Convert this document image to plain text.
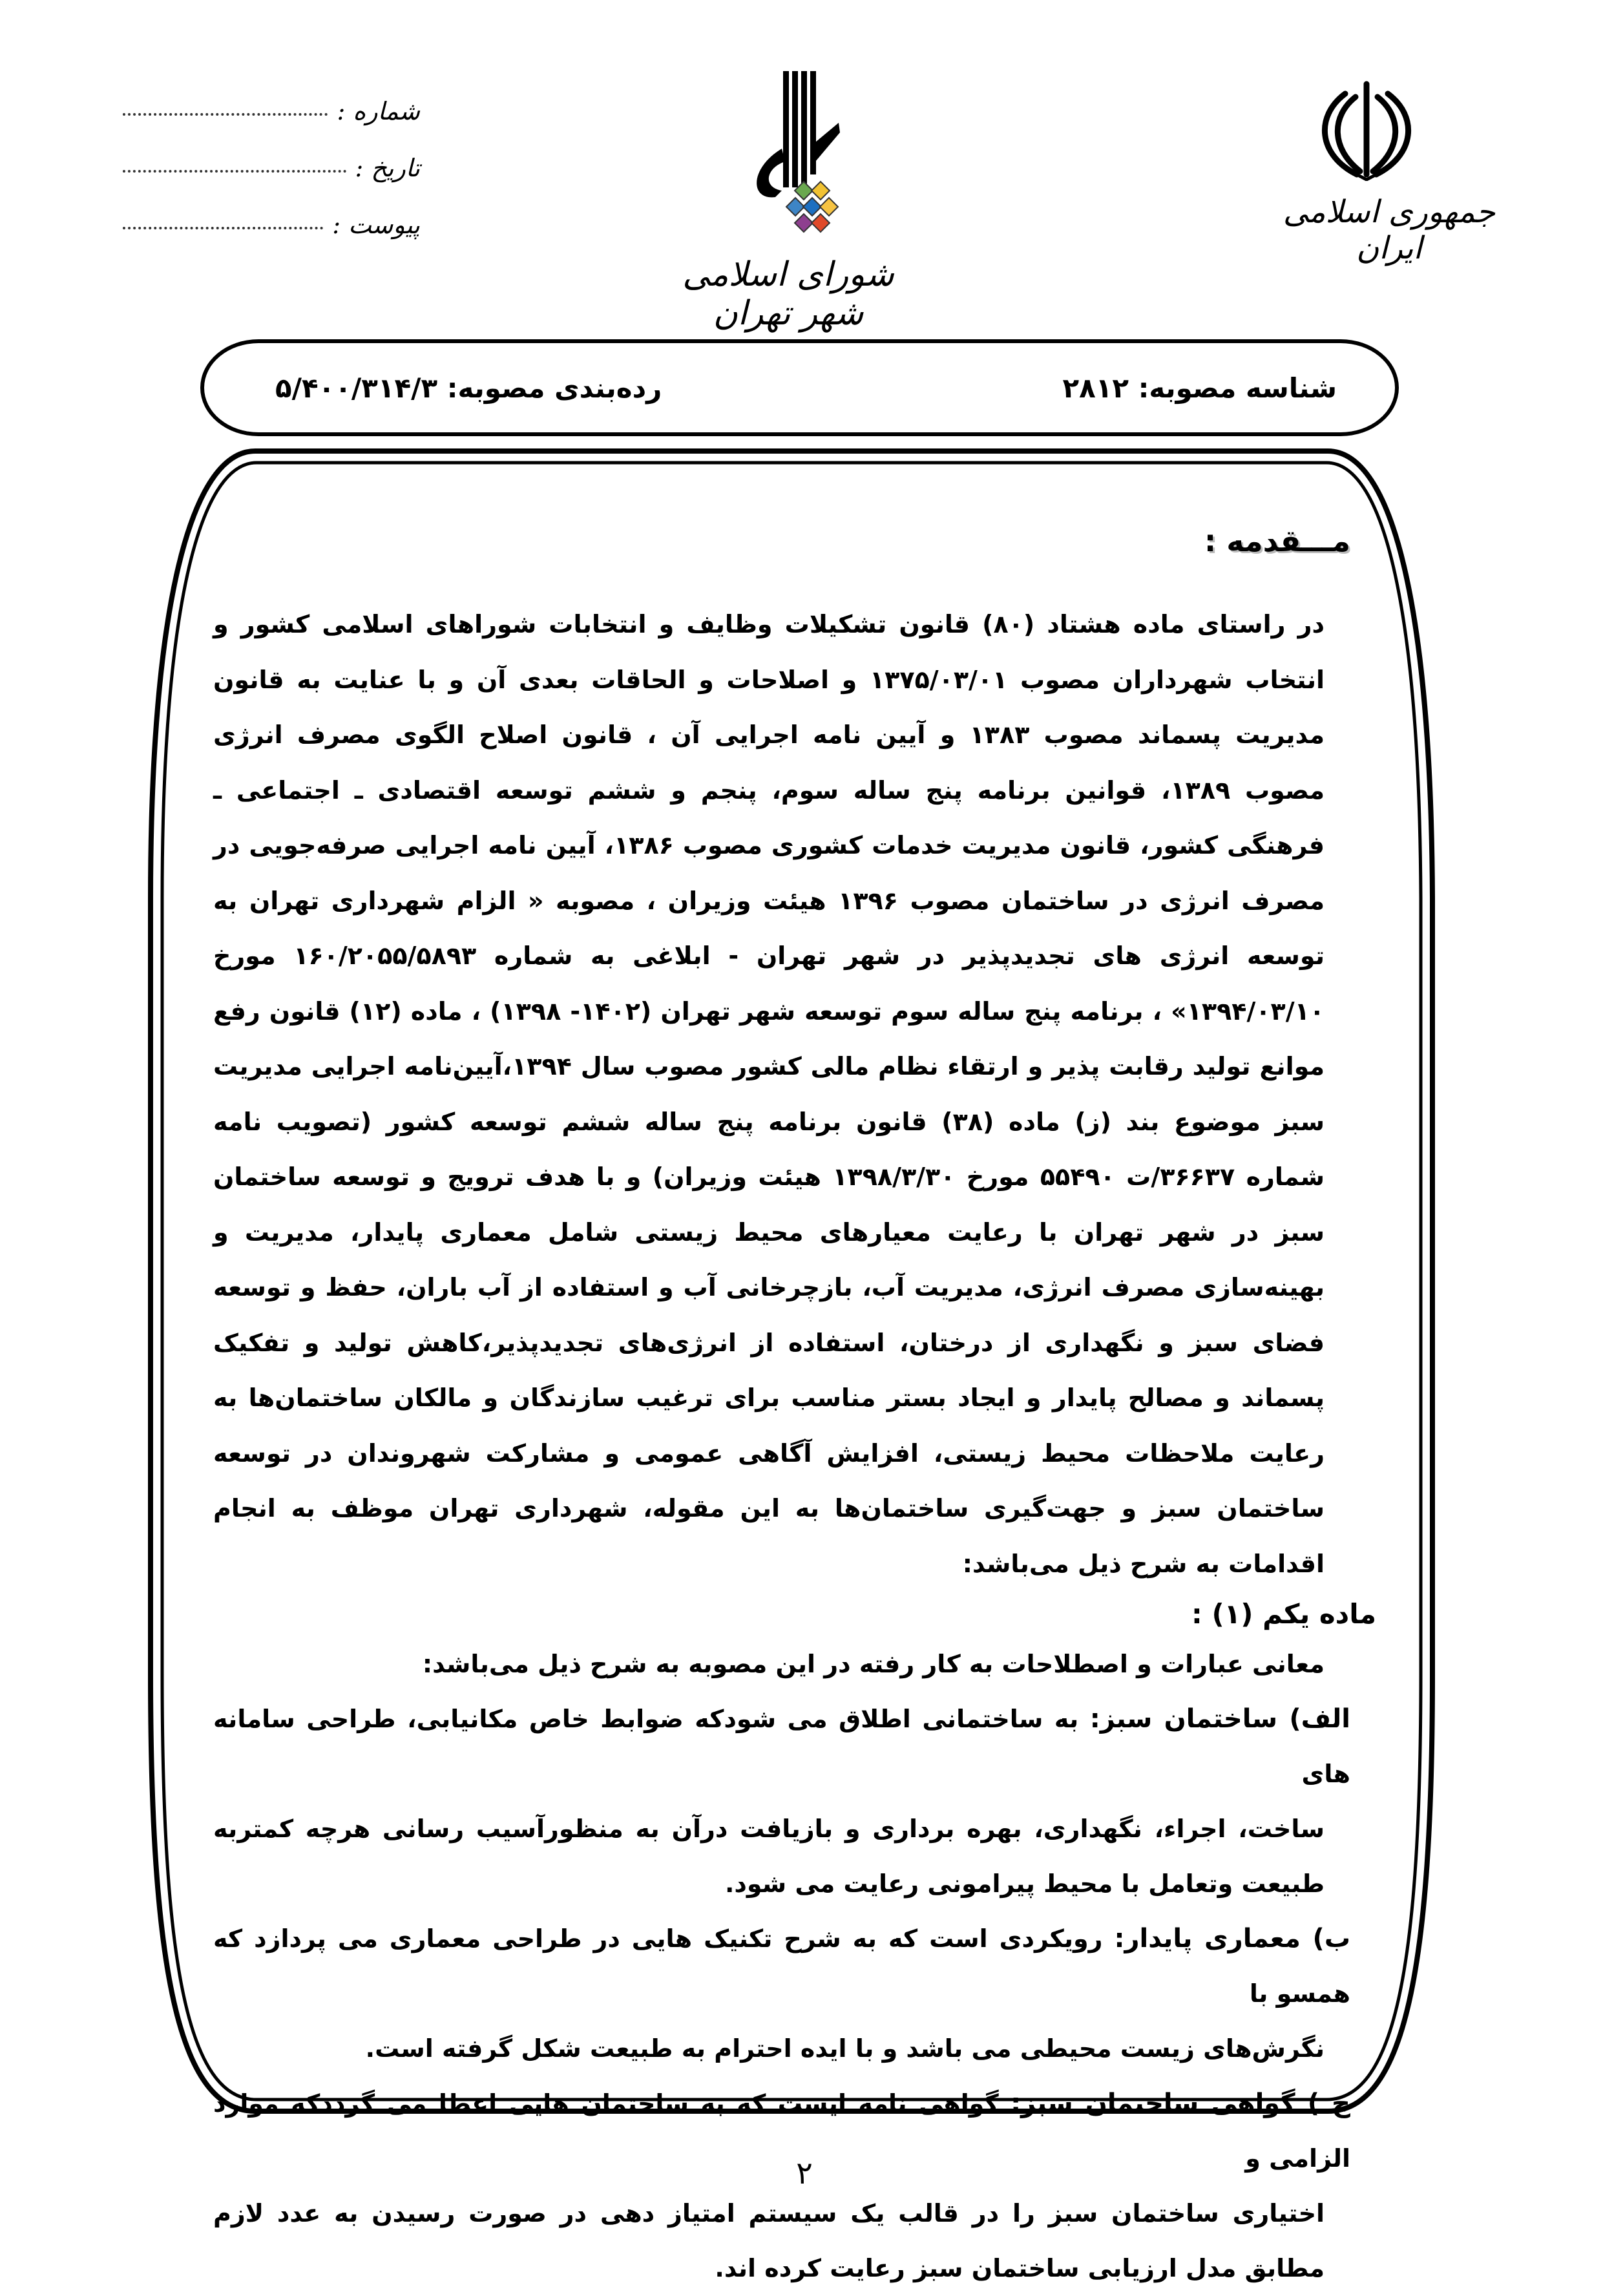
جمهوری اسلامی ایران
شورای اسلامی شهر تهران
شماره :
تاریخ :
پیوست :
شناسه مصوبه: ۲۸۱۲
رده‌بندی مصوبه: ۵/۴۰۰/۳۱۴/۳
مـــقدمه :
در راستای ماده هشتاد (۸۰) قانون تشکیلات وظایف و انتخابات شوراهای اسلامی کشور و انتخاب شهرداران مصوب ۱۳۷۵/۰۳/۰۱ و اصلاحات و الحاقات بعدی آن و با عنایت به قانون مدیریت پسماند مصوب ۱۳۸۳ و آیین نامه اجرایی آن ، قانون اصلاح الگوی مصرف انرژی مصوب ۱۳۸۹، قوانین برنامه پنج ساله سوم، پنجم و ششم توسعه اقتصادی ـ اجتماعی ـ فرهنگی کشور، قانون مدیریت خدمات کشوری مصوب ۱۳۸۶، آیین نامه اجرایی صرفه‌جویی در مصرف انرژی در ساختمان مصوب ۱۳۹۶ هیئت وزیران ، مصوبه « الزام شهرداری تهران به توسعه انرژی های تجدیدپذیر در شهر تهران - ابلاغی به شماره ۱۶۰/۲۰۵۵/۵۸۹۳ مورخ ۱۳۹۴/۰۳/۱۰» ، برنامه پنج ساله سوم توسعه شهر تهران (۱۴۰۲- ۱۳۹۸) ، ماده (۱۲) قانون رفع موانع تولید رقابت پذیر و ارتقاء نظام مالی کشور مصوب سال ۱۳۹۴،آیین‌نامه اجرایی مدیریت سبز موضوع بند (ز) ماده (۳۸) قانون برنامه پنج ساله ششم توسعه کشور (تصویب نامه شماره ۳۶۶۳۷/ت ۵۵۴۹۰ مورخ ۱۳۹۸/۳/۳۰ هیئت وزیران) و با هدف ترویج و توسعه ساختمان سبز در شهر تهران با رعایت معیارهای محیط زیستی شامل معماری پایدار، مدیریت و بهینه‌سازی مصرف انرژی، مدیریت آب، بازچرخانی آب و استفاده از آب باران، حفظ و توسعه فضای سبز و نگهداری از درختان، استفاده از انرژی‌های تجدیدپذیر،کاهش تولید و تفکیک پسماند و مصالح پایدار و ایجاد بستر مناسب برای ترغیب سازندگان و مالکان ساختمان‌ها به رعایت ملاحظات محیط زیستی، افزایش آگاهی عمومی و مشارکت شهروندان در توسعه ساختمان سبز و جهت‌گیری ساختمان‌ها به این مقوله، شهرداری تهران موظف به انجام اقدامات به شرح ذیل می‌باشد:
ماده یکم (۱) :
معانی عبارات و اصطلاحات به کار رفته در این مصوبه به شرح ذیل می‌باشد:
الف) ساختمان سبز: به ساختمانی اطلاق می شودکه ضوابط خاص مکانیابی، طراحی سامانه های
ساخت، اجراء، نگهداری، بهره برداری و بازیافت درآن به منظورآسیب رسانی هرچه کمتربه طبیعت وتعامل با محیط پیرامونی رعایت می شود.
ب) معماری پایدار: رویکردی است که به شرح تکنیک هایی در طراحی معماری می پردازد که همسو با
نگرش‌های زیست محیطی می باشد و با ایده احترام به طبیعت شکل گرفته است.
ج ) گواهی ساختمان سبز: گواهی نامه ایست که به ساختمان هایی اعطا می گرددکه موارد الزامی و
اختیاری ساختمان سبز را در قالب یک سیستم امتیاز دهی در صورت رسیدن به عدد لازم مطابق مدل ارزیابی ساختمان سبز رعایت کرده اند.
۲
